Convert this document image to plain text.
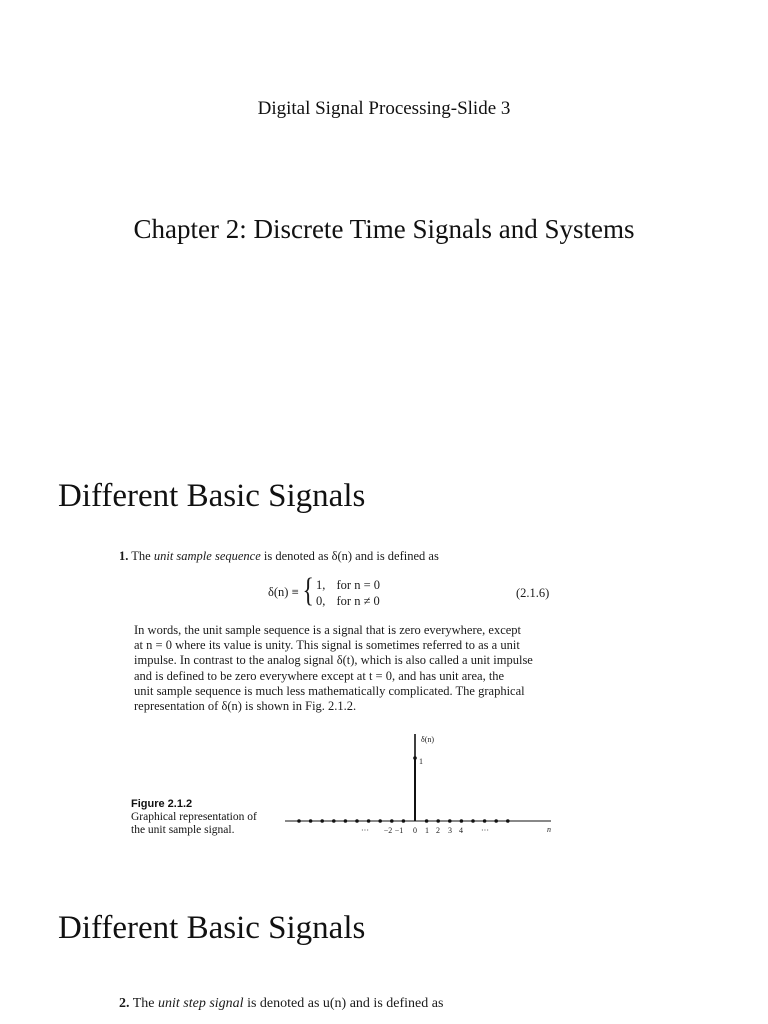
Digital Signal Processing-Slide 3
Chapter 2: Discrete Time Signals and Systems
Different Basic Signals
1. The unit sample sequence is denoted as δ(n) and is defined as
δ(n) ≡ { 1, for n = 0
0, for n ≠ 0
(2.1.6)
In words, the unit sample sequence is a signal that is zero everywhere, except
at n = 0 where its value is unity. This signal is sometimes referred to as a unit
impulse. In contrast to the analog signal δ(t), which is also called a unit impulse
and is defined to be zero everywhere except at t = 0, and has unit area, the
unit sample sequence is much less mathematically complicated. The graphical
representation of δ(n) is shown in Fig. 2.1.2.
Figure 2.1.2
Graphical representation of
the unit sample signal.
δ(n)
1
··· −2 −1 0 1 2 3 4 ···	n
Different Basic Signals
2. The unit step signal is denoted as u(n) and is defined as
